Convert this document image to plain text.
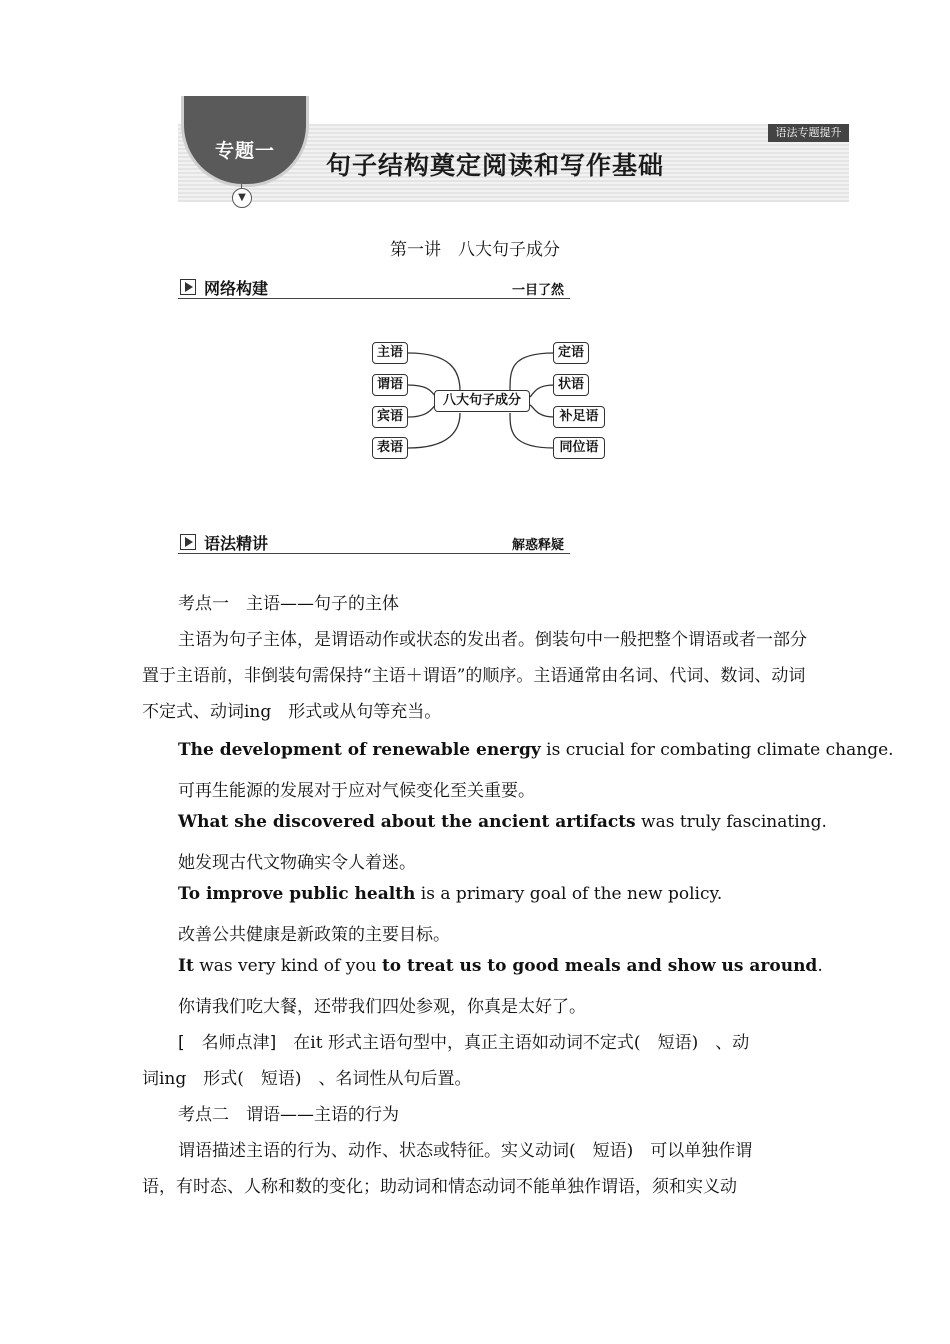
专题一
▼
句子结构奠定阅读和写作基础
语法专题提升
第一讲　八大句子成分
网络构建	一目了然
主语
谓语
宾语
表语
八大句子成分
定语
状语
补足语
同位语
语法精讲	解惑释疑
考点一　主语——句子的主体
主语为句子主体，是谓语动作或状态的发出者。倒装句中一般把整个谓语或者一部分置于主语前，非倒装句需保持“主语＋谓语”的顺序。主语通常由名词、代词、数词、动词不定式、动词ing　形式或从句等充当。
The development of renewable energy is crucial for combating climate change.
可再生能源的发展对于应对气候变化至关重要。
What she discovered about the ancient artifacts was truly fascinating.
她发现古代文物确实令人着迷。
To improve public health is a primary goal of the new policy.
改善公共健康是新政策的主要目标。
It was very kind of you to treat us to good meals and show us around.
你请我们吃大餐，还带我们四处参观，你真是太好了。
[　名师点津]　在it 形式主语句型中，真正主语如动词不定式(　短语)　、动
词ing　形式(　短语)　、名词性从句后置。
考点二　谓语——主语的行为
谓语描述主语的行为、动作、状态或特征。实义动词(　短语)　可以单独作谓
语，有时态、人称和数的变化；助动词和情态动词不能单独作谓语，须和实义动
